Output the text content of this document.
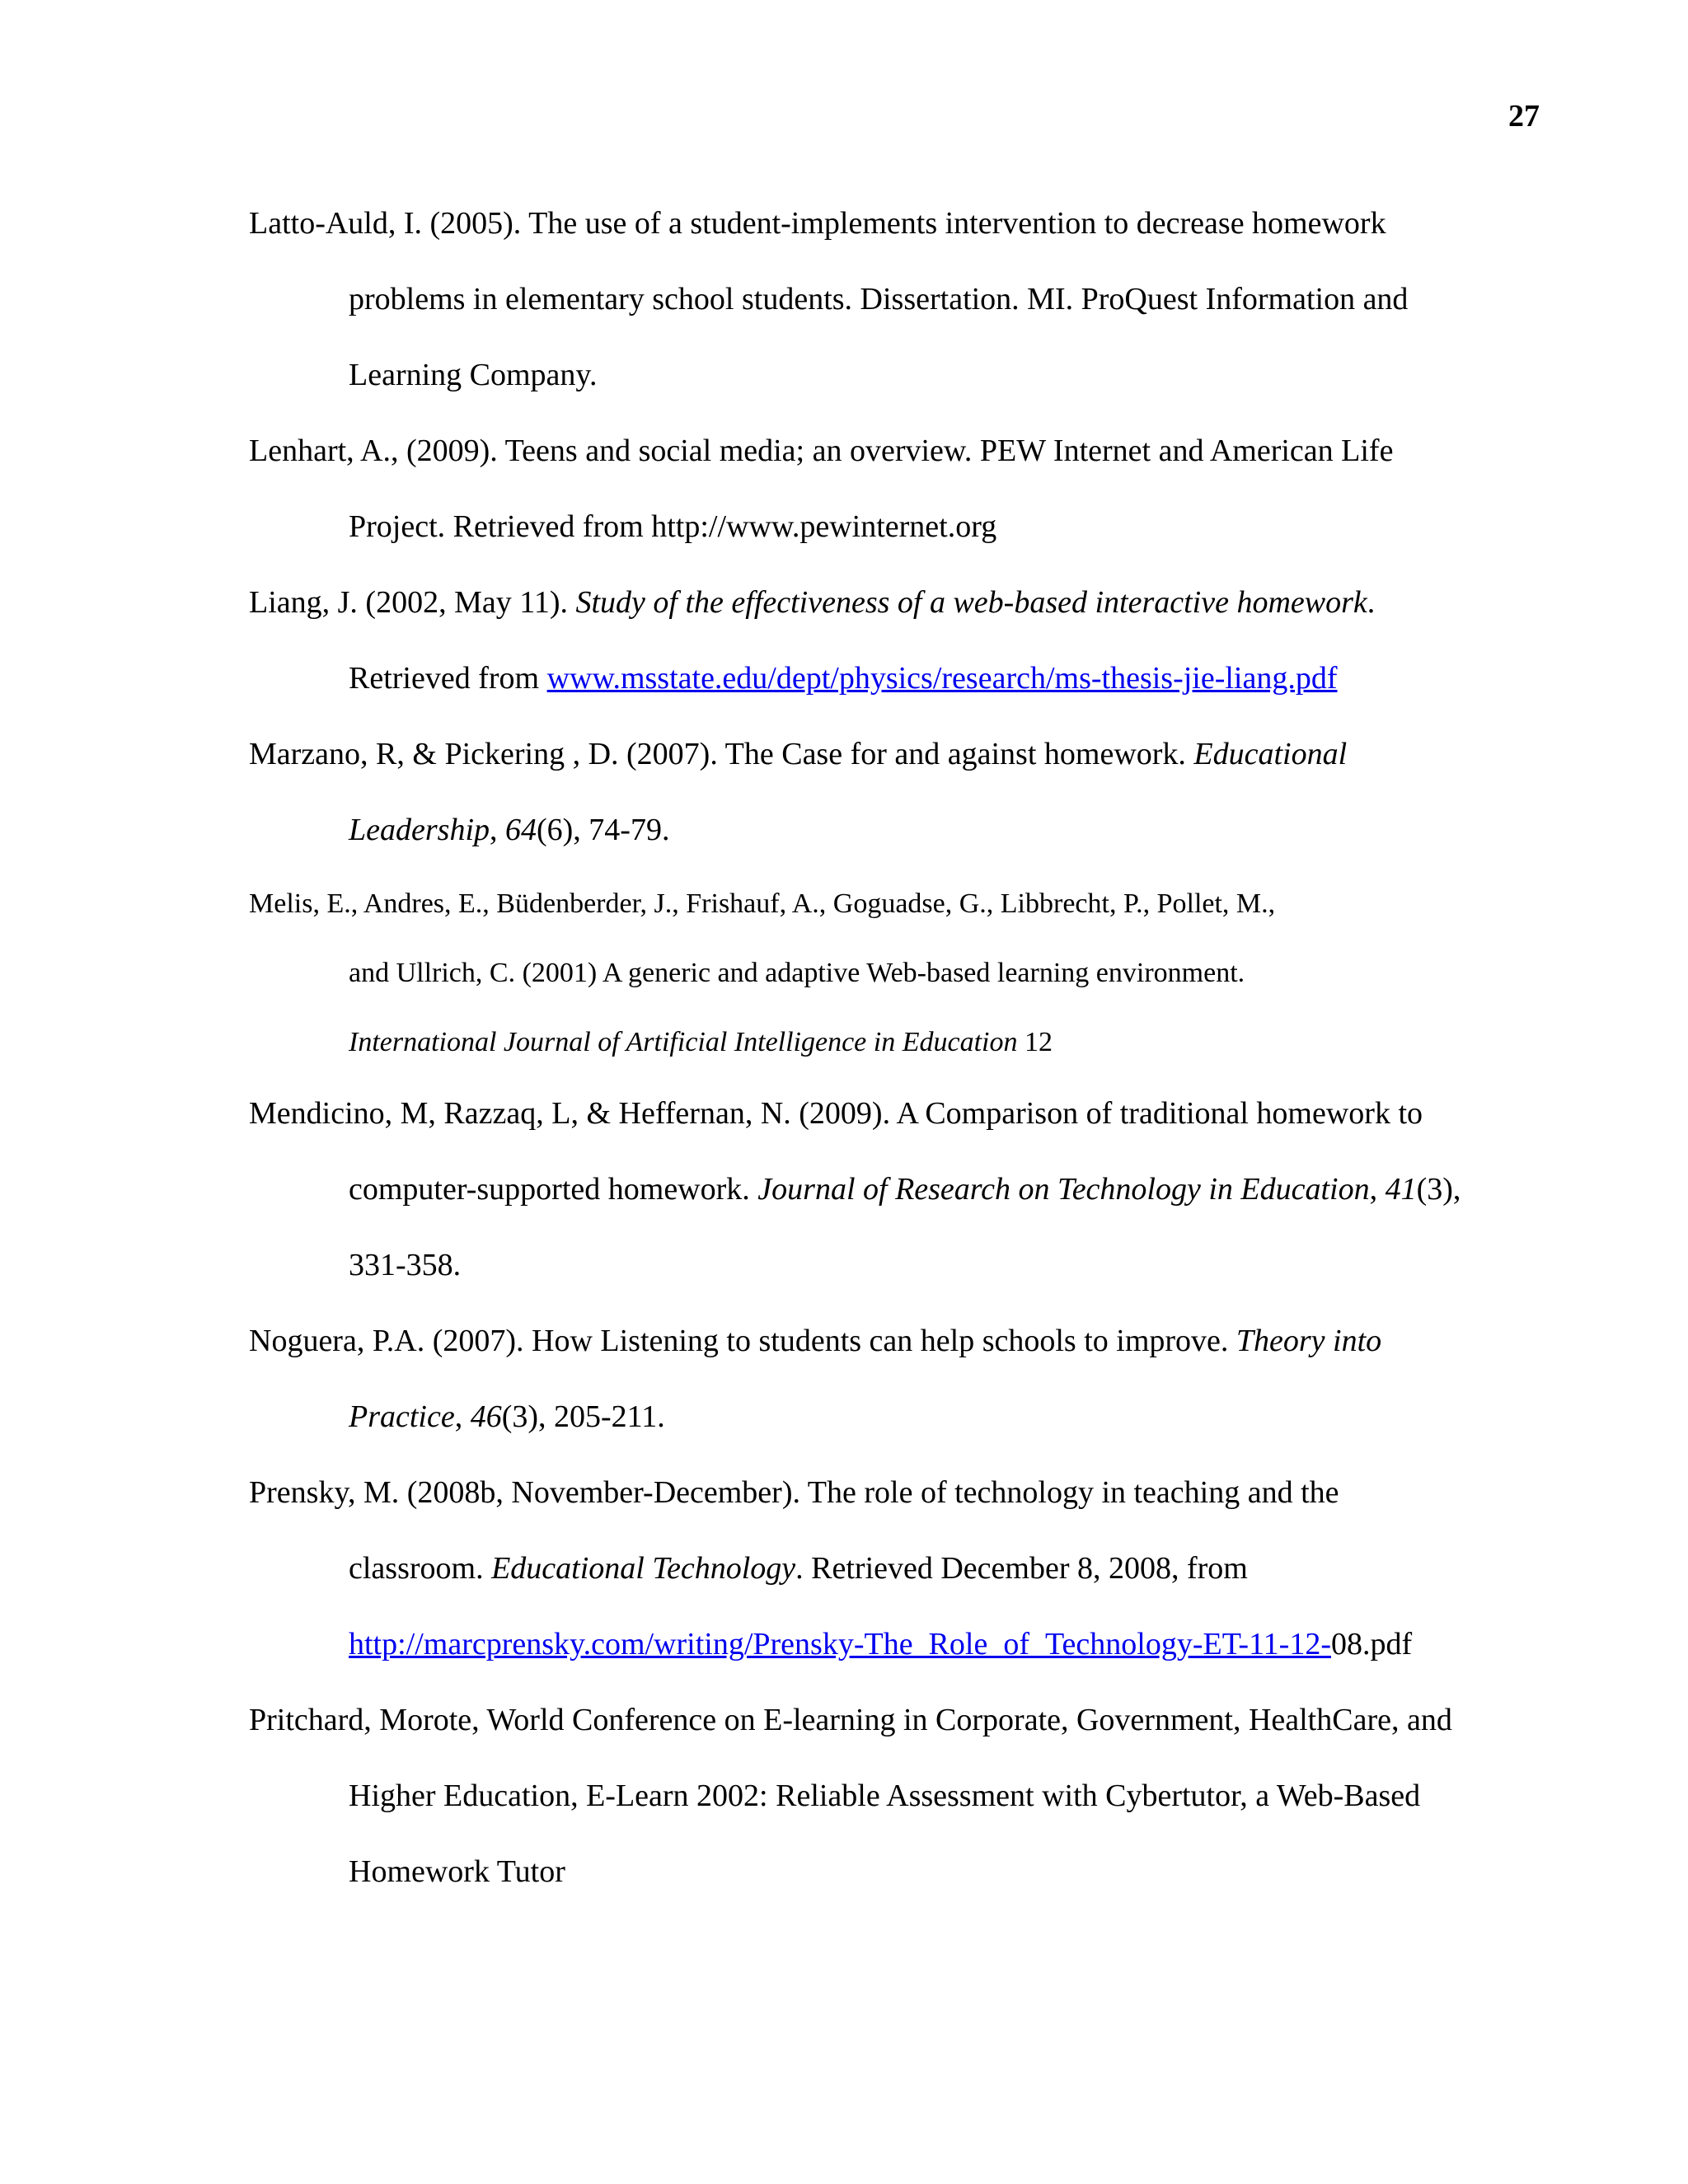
27
Latto-Auld, I. (2005). The use of a student-implements intervention to decrease homework
problems in elementary school students. Dissertation. MI. ProQuest Information and
Learning Company.
Lenhart, A., (2009). Teens and social media; an overview. PEW Internet and American Life
Project. Retrieved from http://www.pewinternet.org
Liang, J. (2002, May 11). Study of the effectiveness of a web-based interactive homework.
Retrieved from www.msstate.edu/dept/physics/research/ms-thesis-jie-liang.pdf
Marzano, R, & Pickering , D. (2007). The Case for and against homework. Educational
Leadership, 64(6), 74-79.
Melis, E., Andres, E., Büdenberder, J., Frishauf, A., Goguadse, G., Libbrecht, P., Pollet, M.,
and Ullrich, C. (2001) A generic and adaptive Web-based learning environment.
International Journal of Artificial Intelligence in Education 12
Mendicino, M, Razzaq, L, & Heffernan, N. (2009). A Comparison of traditional homework to
computer-supported homework. Journal of Research on Technology in Education, 41(3),
331-358.
Noguera, P.A. (2007). How Listening to students can help schools to improve. Theory into
Practice, 46(3), 205-211.
Prensky, M. (2008b, November-December). The role of technology in teaching and the
classroom. Educational Technology. Retrieved December 8, 2008, from
http://marcprensky.com/writing/Prensky-The_Role_of_Technology-ET-11-12-08.pdf
Pritchard, Morote, World Conference on E-learning in Corporate, Government, HealthCare, and
Higher Education, E-Learn 2002: Reliable Assessment with Cybertutor, a Web-Based
Homework Tutor
